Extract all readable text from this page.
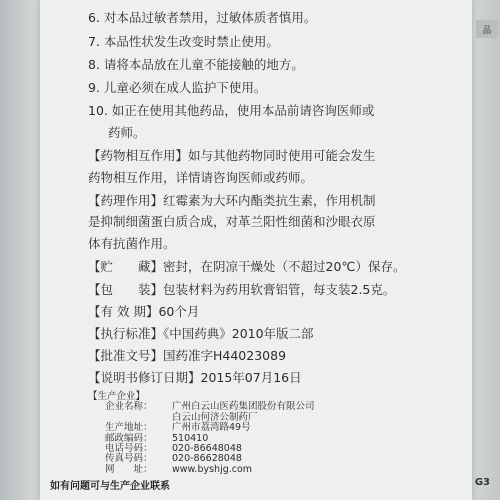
品
6. 对本品过敏者禁用，过敏体质者慎用。
7. 本品性状发生改变时禁止使用。
8. 请将本品放在儿童不能接触的地方。
9. 儿童必须在成人监护下使用。
10. 如正在使用其他药品，使用本品前请咨询医师或
药师。
【药物相互作用】如与其他药物同时使用可能会发生
药物相互作用，详情请咨询医师或药师。
【药理作用】红霉素为大环内酯类抗生素，作用机制
是抑制细菌蛋白质合成，对革兰阳性细菌和沙眼衣原
体有抗菌作用。
【贮　　藏】密封，在阴凉干燥处（不超过20℃）保存。
【包　　装】包装材料为药用软膏铝管，每支装2.5克。
【有 效 期】60个月
【执行标准】《中国药典》2010年版二部
【批准文号】国药准字H44023089
【说明书修订日期】2015年07月16日
【生产企业】
企业名称： 广州白云山医药集团股份有限公司
白云山何济公制药厂
生产地址： 广州市荔湾路49号
如有问题可与生产企业联系	G3
邮政编码： 510410
电话号码： 020-86648048
传真号码： 020-86628048
网　　址： www.byshjg.com
